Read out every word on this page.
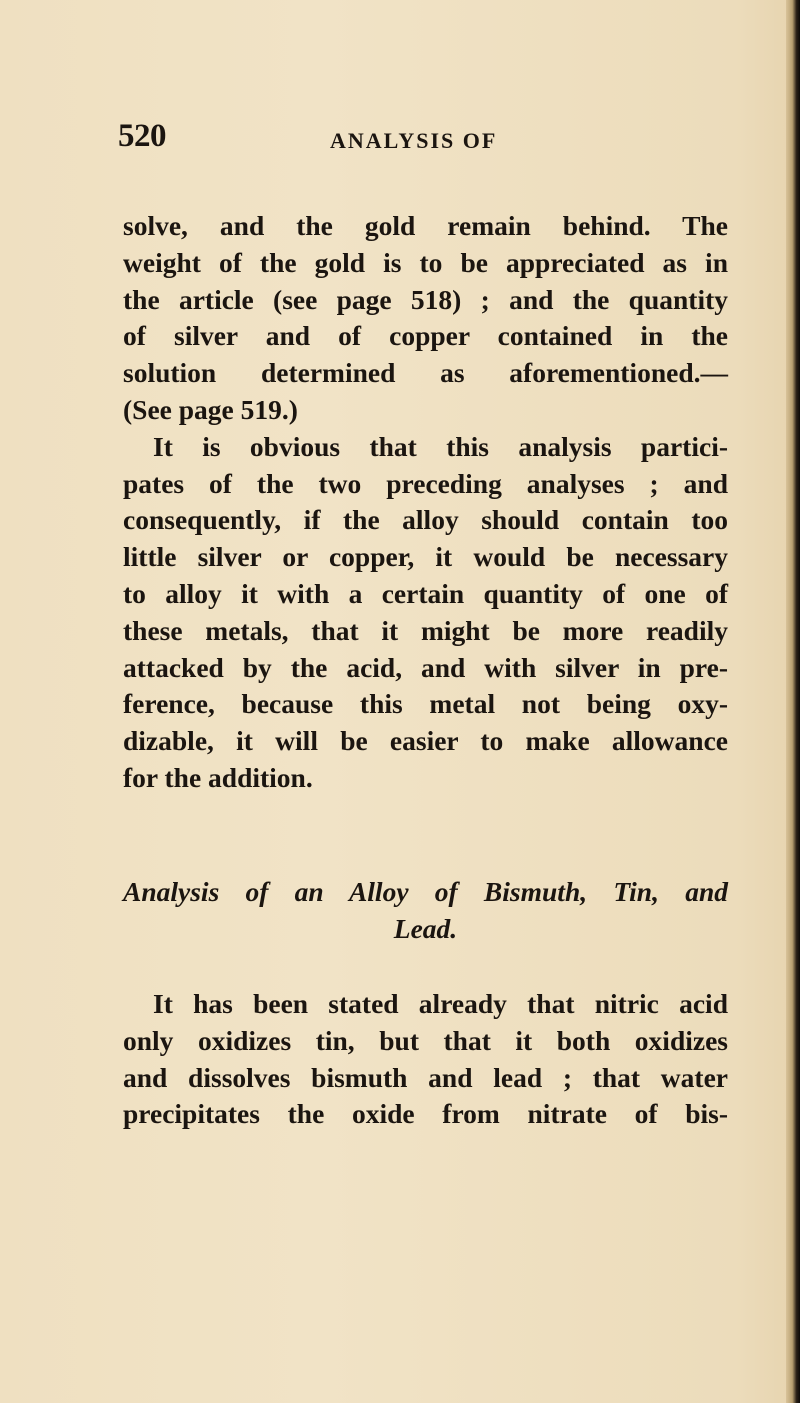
520	ANALYSIS OF
solve, and the gold remain behind. The
weight of the gold is to be appreciated as in
the article (see page 518) ; and the quantity
of silver and of copper contained in the
solution determined as aforementioned.—
(See page 519.)
It is obvious that this analysis partici-
pates of the two preceding analyses ; and
consequently, if the alloy should contain too
little silver or copper, it would be necessary
to alloy it with a certain quantity of one of
these metals, that it might be more readily
attacked by the acid, and with silver in pre-
ference, because this metal not being oxy-
dizable, it will be easier to make allowance
for the addition.
Analysis of an Alloy of Bismuth, Tin, and
Lead.
It has been stated already that nitric acid
only oxidizes tin, but that it both oxidizes
and dissolves bismuth and lead ; that water
precipitates the oxide from nitrate of bis-
